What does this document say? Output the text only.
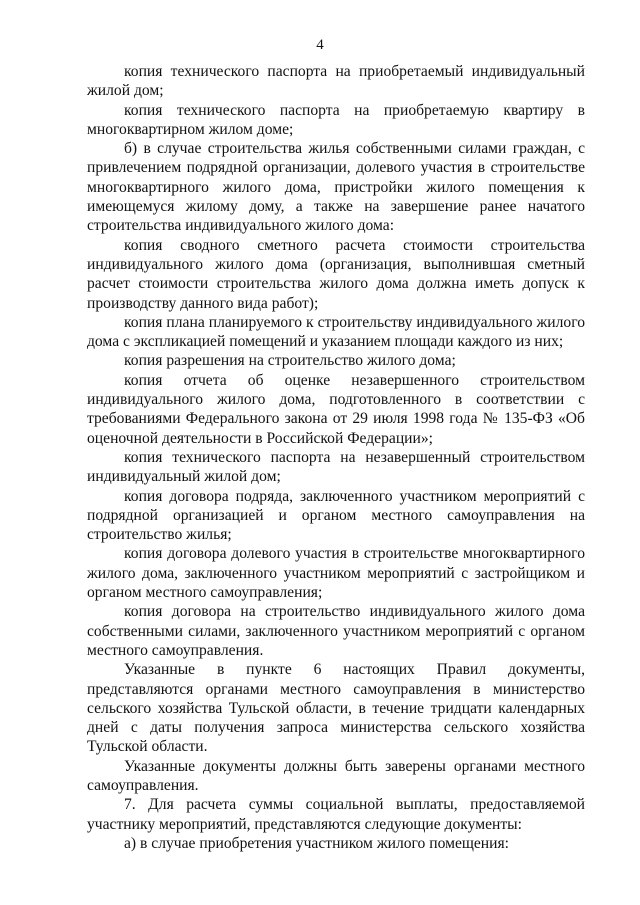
4

копия технического паспорта на приобретаемый индивидуальный жилой дом;

копия технического паспорта на приобретаемую квартиру в многоквартирном жилом доме;

б) в случае строительства жилья собственными силами граждан, с привлечением подрядной организации, долевого участия в строительстве многоквартирного жилого дома, пристройки жилого помещения к имеющемуся жилому дому, а также на завершение ранее начатого строительства индивидуального жилого дома:

копия сводного сметного расчета стоимости строительства индивидуального жилого дома (организация, выполнившая сметный расчет стоимости строительства жилого дома должна иметь допуск к производству данного вида работ);

копия плана планируемого к строительству индивидуального жилого дома с экспликацией помещений и указанием площади каждого из них;

копия разрешения на строительство жилого дома;

копия отчета об оценке незавершенного строительством индивидуального жилого дома, подготовленного в соответствии с требованиями Федерального закона от 29 июля 1998 года № 135-ФЗ «Об оценочной деятельности в Российской Федерации»;

копия технического паспорта на незавершенный строительством индивидуальный жилой дом;

копия договора подряда, заключенного участником мероприятий с подрядной организацией и органом местного самоуправления на строительство жилья;

копия договора долевого участия в строительстве многоквартирного жилого дома, заключенного участником мероприятий с застройщиком и органом местного самоуправления;

копия договора на строительство индивидуального жилого дома собственными силами, заключенного участником мероприятий с органом местного самоуправления.

Указанные в пункте 6 настоящих Правил документы, представляются органами местного самоуправления в министерство сельского хозяйства Тульской области, в течение тридцати календарных дней с даты получения запроса министерства сельского хозяйства Тульской области.

Указанные документы должны быть заверены органами местного самоуправления.

7. Для расчета суммы социальной выплаты, предоставляемой участнику мероприятий, представляются следующие документы:

а) в случае приобретения участником жилого помещения:
